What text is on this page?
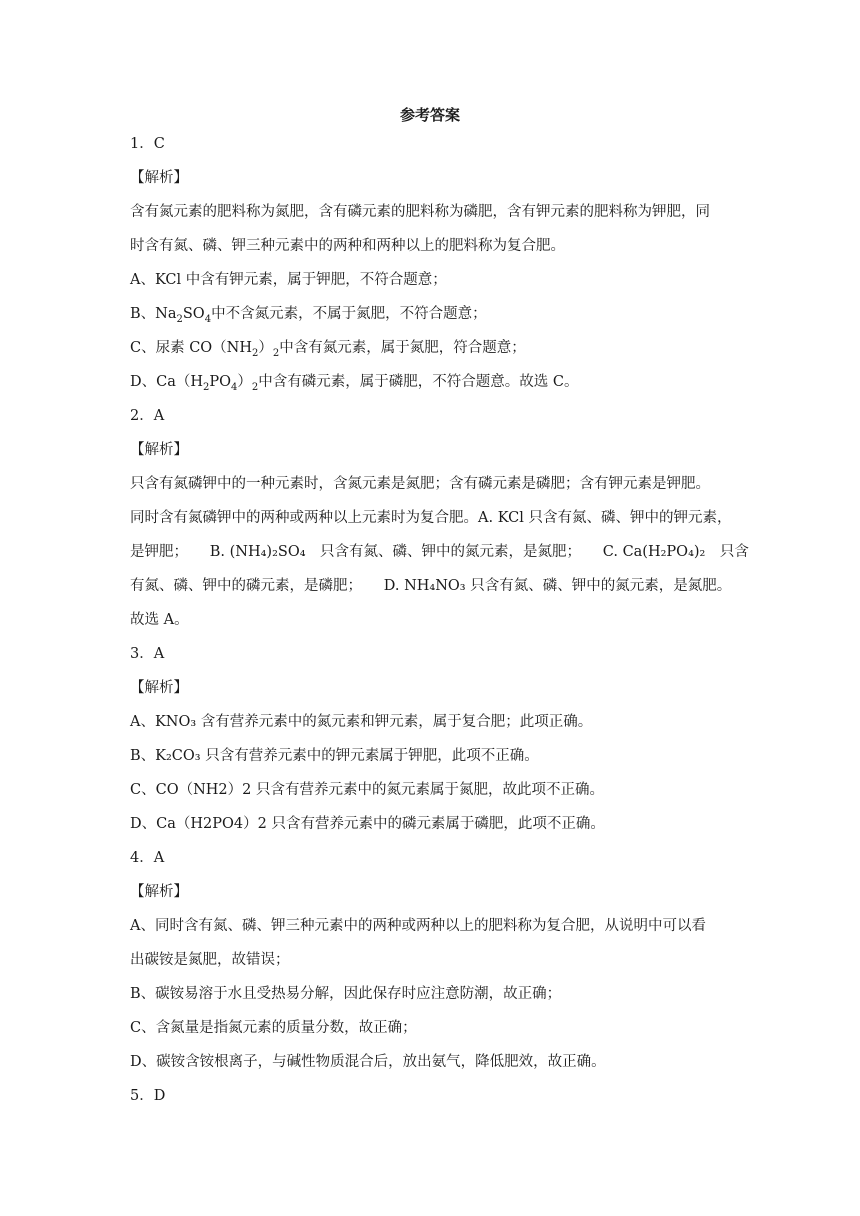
参考答案
1．C
【解析】
含有氮元素的肥料称为氮肥，含有磷元素的肥料称为磷肥，含有钾元素的肥料称为钾肥，同
时含有氮、磷、钾三种元素中的两种和两种以上的肥料称为复合肥。
A、KCl 中含有钾元素，属于钾肥，不符合题意；
B、$Na_2SO_4$中不含氮元素，不属于氮肥，不符合题意；
C、尿素 $CO(NH_2)_2$中含有氮元素，属于氮肥，符合题意；
D、$Ca(H_2PO_4)_2$中含有磷元素，属于磷肥，不符合题意。故选 C。
2．A
【解析】
只含有氮磷钾中的一种元素时，含氮元素是氮肥；含有磷元素是磷肥；含有钾元素是钾肥。
同时含有氮磷钾中的两种或两种以上元素时为复合肥。A. KCl 只含有氮、磷、钾中的钾元素，
是钾肥；　　B. (NH₄)₂SO₄　只含有氮、磷、钾中的氮元素，是氮肥；　　C. Ca(H₂PO₄)₂　只含
有氮、磷、钾中的磷元素，是磷肥；　　D. NH₄NO₃ 只含有氮、磷、钾中的氮元素，是氮肥。
故选 A。
3．A
【解析】
A、KNO₃ 含有营养元素中的氮元素和钾元素，属于复合肥；此项正确。
B、K₂CO₃ 只含有营养元素中的钾元素属于钾肥，此项不正确。
C、CO（NH2）2 只含有营养元素中的氮元素属于氮肥，故此项不正确。
D、Ca（H2PO4）2 只含有营养元素中的磷元素属于磷肥，此项不正确。
4．A
【解析】
A、同时含有氮、磷、钾三种元素中的两种或两种以上的肥料称为复合肥，从说明中可以看
出碳铵是氮肥，故错误；
B、碳铵易溶于水且受热易分解，因此保存时应注意防潮，故正确；
C、含氮量是指氮元素的质量分数，故正确；
D、碳铵含铵根离子，与碱性物质混合后，放出氨气，降低肥效，故正确。
5．D
